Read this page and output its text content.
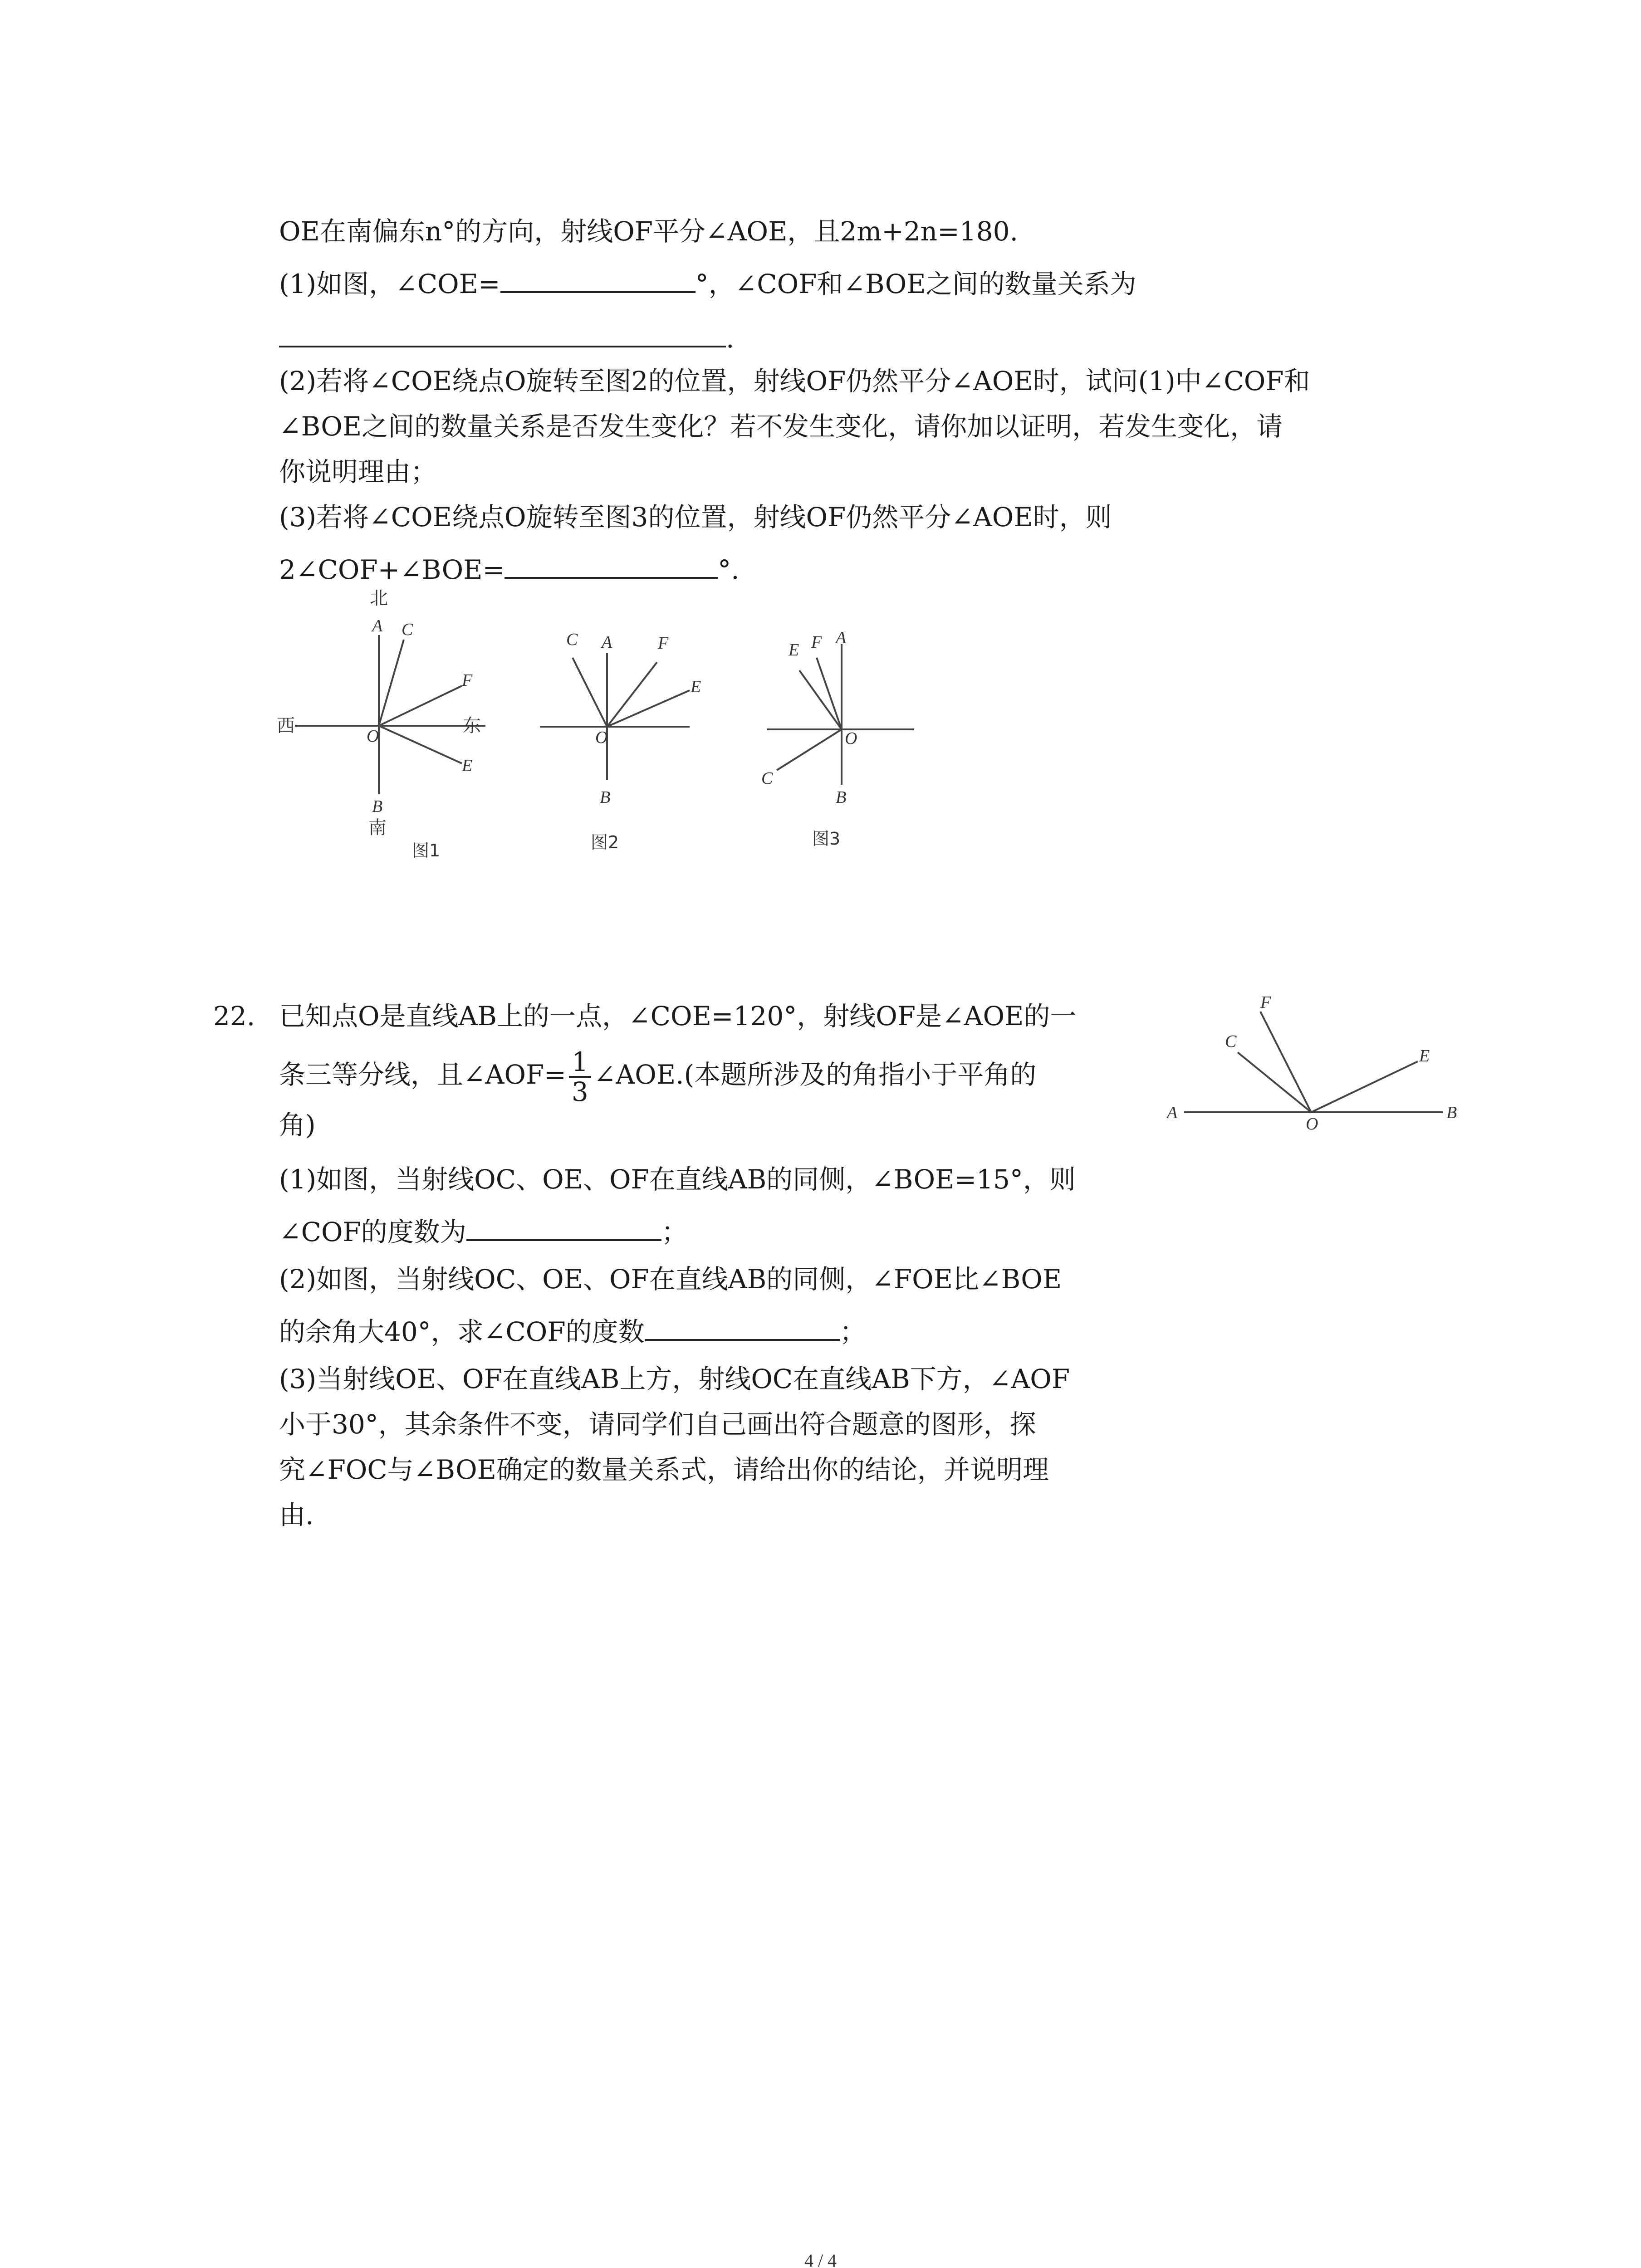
OE在南偏东n°的方向，射线OF平分∠AOE，且2m+2n=180.
(1)如图，∠COE=	°，∠COF和∠BOE之间的数量关系为
.
(2)若将∠COE绕点O旋转至图2的位置，射线OF仍然平分∠AOE时，试问(1)中∠COF和
∠BOE之间的数量关系是否发生变化？若不发生变化，请你加以证明，若发生变化，请
你说明理由；
(3)若将∠COE绕点O旋转至图3的位置，射线OF仍然平分∠AOE时，则
2∠COF+∠BOE=	°.
北
A C
F
西	O	东
E
B
南
图1
C A	F
E
O
B
图2
E F A
O
C
B
图3
22. 已知点O是直线AB上的一点，∠COE=120°，射线OF是∠AOE的一
条三等分线，且∠AOF= $\frac{1}{3}$ ∠AOE.(本题所涉及的角指小于平角的
角)
(1)如图，当射线OC、OE、OF在直线AB的同侧，∠BOE=15°，则
∠COF的度数为	；
(2)如图，当射线OC、OE、OF在直线AB的同侧，∠FOE比∠BOE
的余角大40°，求∠COF的度数	；
(3)当射线OE、OF在直线AB上方，射线OC在直线AB下方，∠AOF
小于30°，其余条件不变，请同学们自己画出符合题意的图形，探
究∠FOC与∠BOE确定的数量关系式，请给出你的结论，并说明理
由.
F
C
E
A
O
B
4 / 4
